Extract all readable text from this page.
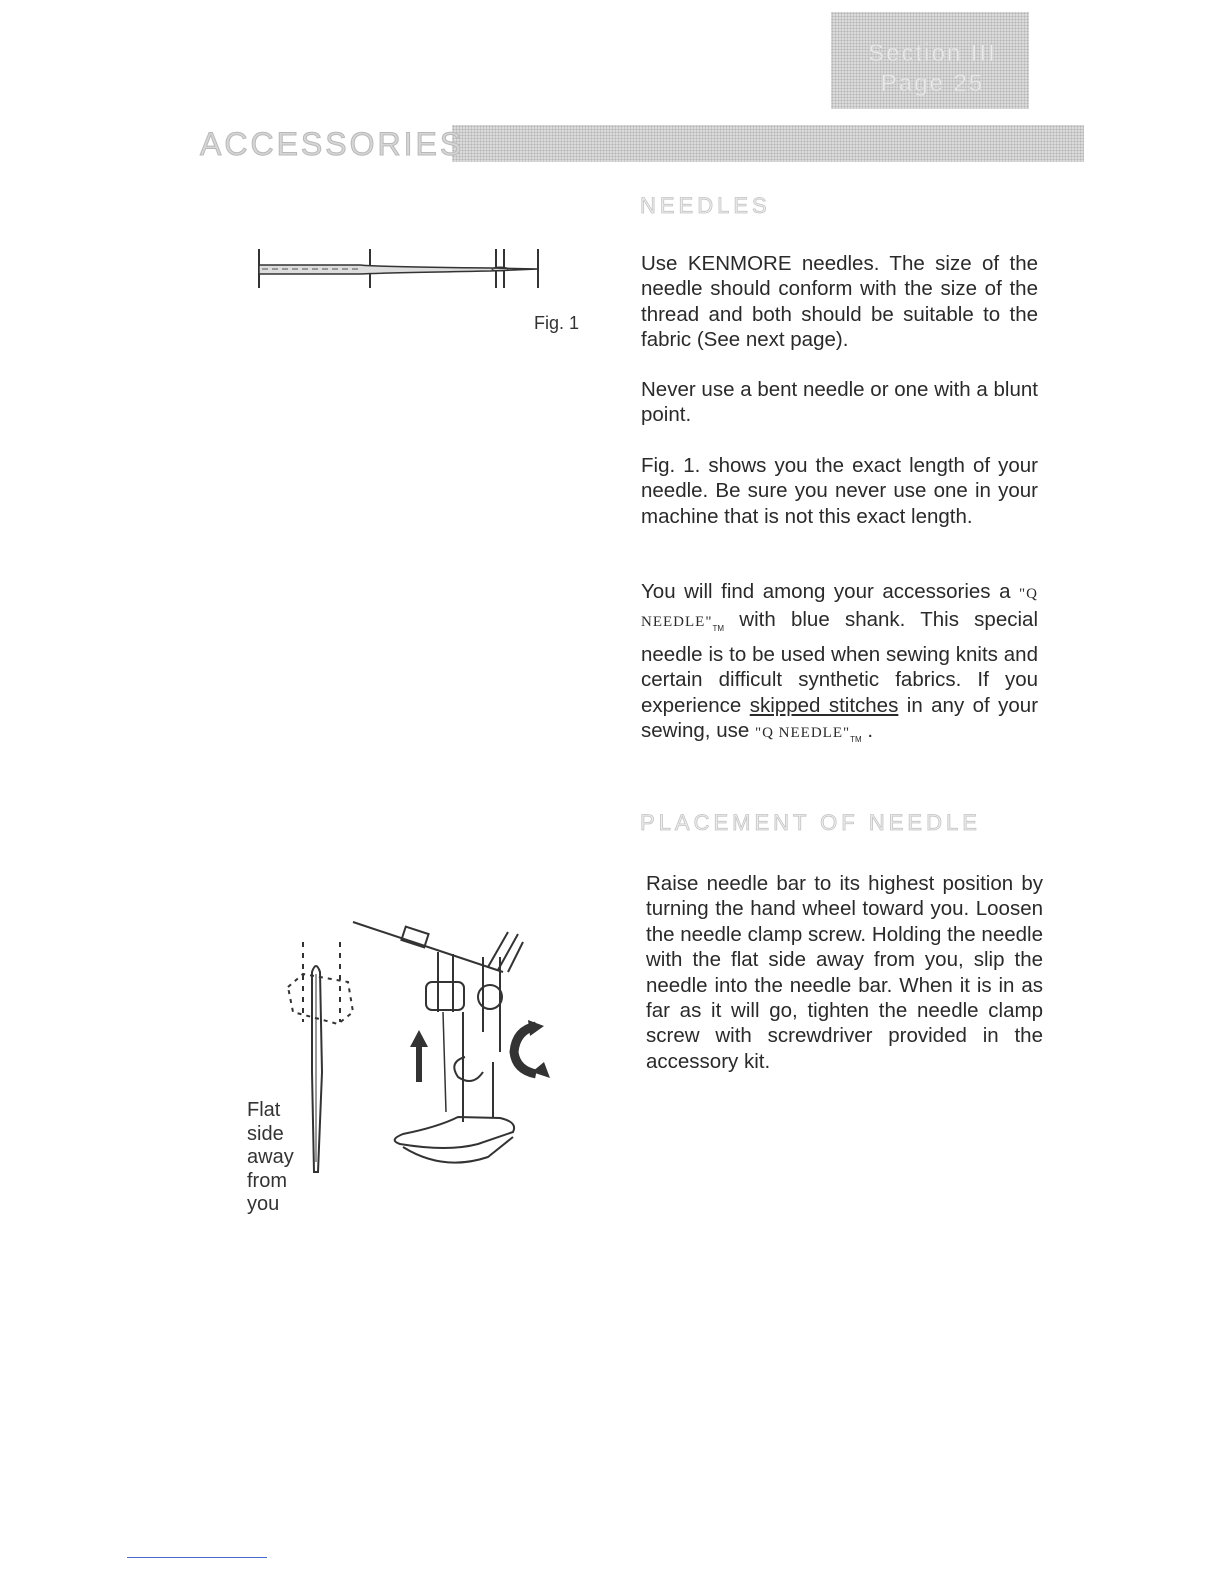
Section III
Page 25
ACCESSORIES
NEEDLES
Fig. 1

Use KENMORE needles. The size of the needle should conform with the size of the thread and both should be suitable to the fabric (See next page).

Never use a bent needle or one with a blunt point.

Fig. 1. shows you the exact length of your needle. Be sure you never use one in your machine that is not this exact length.

You will find among your accessories a "Q $NEEDLE"_{TM}$ with blue shank. This special needle is to be used when sewing knits and certain difficult synthetic fabrics. If you experience skipped stitches in any of your sewing, use "Q $NEEDLE"_{TM}$ .

PLACEMENT OF NEEDLE

Raise needle bar to its highest position by turning the hand wheel toward you. Loosen the needle clamp screw. Holding the needle with the flat side away from you, slip the needle into the needle bar. When it is in as far as it will go, tighten the needle clamp screw with screwdriver provided in the accessory kit.

Flat
side
away
from
you
